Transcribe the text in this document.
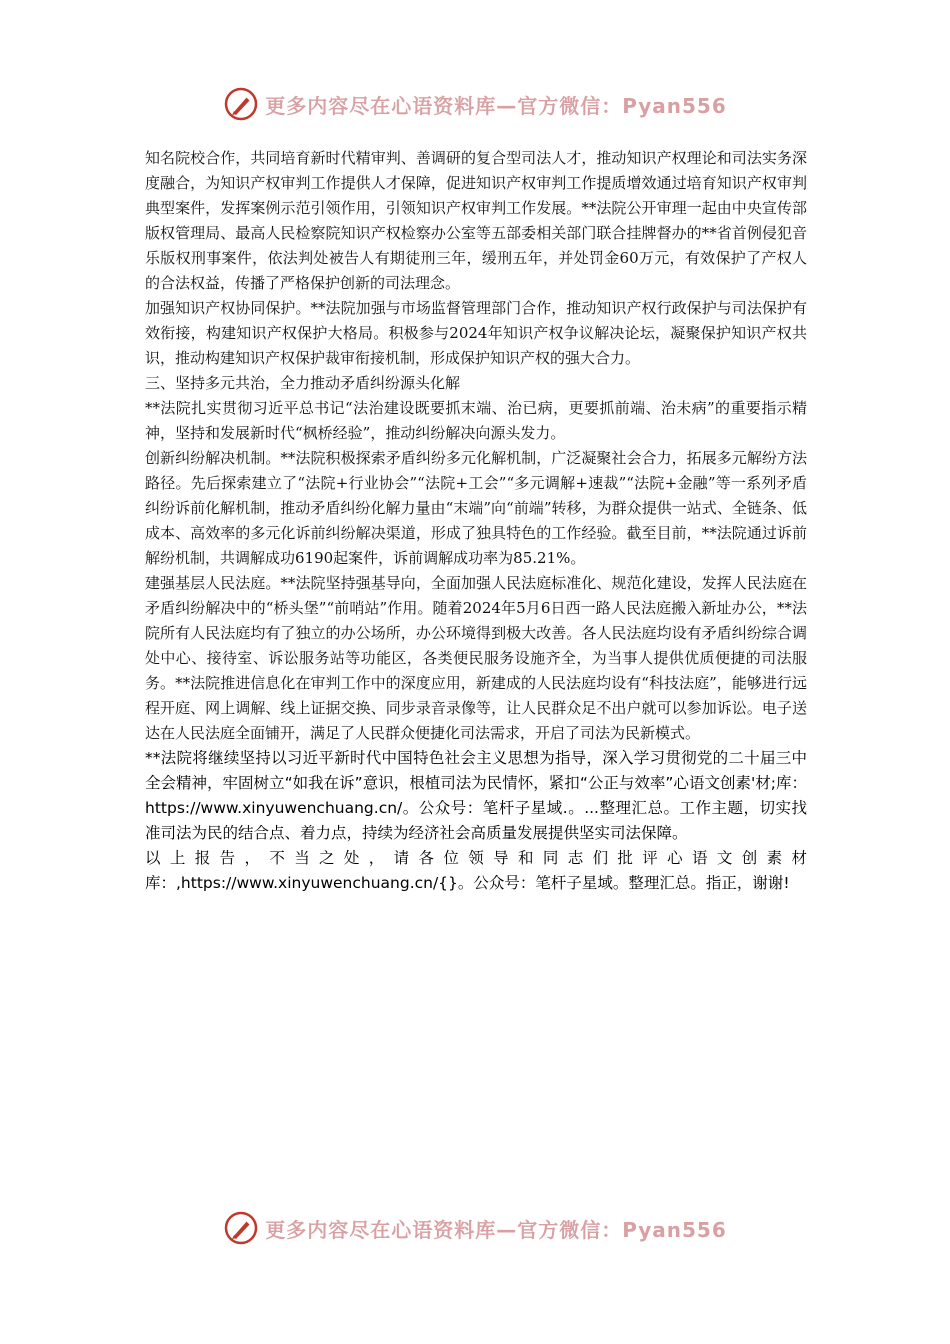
更多内容尽在心语资料库—官方微信：Pyan556

知名院校合作，共同培育新时代精审判、善调研的复合型司法人才，推动知识产权理论和司法实务深度融合，为知识产权审判工作提供人才保障，促进知识产权审判工作提质增效通过培育知识产权审判典型案件，发挥案例示范引领作用，引领知识产权审判工作发展。**法院公开审理一起由中央宣传部版权管理局、最高人民检察院知识产权检察办公室等五部委相关部门联合挂牌督办的**省首例侵犯音乐版权刑事案件，依法判处被告人有期徒刑三年，缓刑五年，并处罚金60万元，有效保护了产权人的合法权益，传播了严格保护创新的司法理念。

加强知识产权协同保护。**法院加强与市场监督管理部门合作，推动知识产权行政保护与司法保护有效衔接，构建知识产权保护大格局。积极参与2024年知识产权争议解决论坛，凝聚保护知识产权共识，推动构建知识产权保护裁审衔接机制，形成保护知识产权的强大合力。

三、坚持多元共治，全力推动矛盾纠纷源头化解

**法院扎实贯彻习近平总书记“法治建设既要抓末端、治已病，更要抓前端、治未病”的重要指示精神，坚持和发展新时代“枫桥经验”，推动纠纷解决向源头发力。

创新纠纷解决机制。**法院积极探索矛盾纠纷多元化解机制，广泛凝聚社会合力，拓展多元解纷方法路径。先后探索建立了“法院+行业协会”“法院+工会”“多元调解+速裁”“法院+金融”等一系列矛盾纠纷诉前化解机制，推动矛盾纠纷化解力量由“末端”向“前端”转移，为群众提供一站式、全链条、低成本、高效率的多元化诉前纠纷解决渠道，形成了独具特色的工作经验。截至目前，**法院通过诉前解纷机制，共调解成功6190起案件，诉前调解成功率为85.21%。

建强基层人民法庭。**法院坚持强基导向，全面加强人民法庭标准化、规范化建设，发挥人民法庭在矛盾纠纷解决中的“桥头堡”“前哨站”作用。随着2024年5月6日西一路人民法庭搬入新址办公，**法院所有人民法庭均有了独立的办公场所，办公环境得到极大改善。各人民法庭均设有矛盾纠纷综合调处中心、接待室、诉讼服务站等功能区，各类便民服务设施齐全，为当事人提供优质便捷的司法服务。**法院推进信息化在审判工作中的深度应用，新建成的人民法庭均设有“科技法庭”，能够进行远程开庭、网上调解、线上证据交换、同步录音录像等，让人民群众足不出户就可以参加诉讼。电子送达在人民法庭全面铺开，满足了人民群众便捷化司法需求，开启了司法为民新模式。

**法院将继续坚持以习近平新时代中国特色社会主义思想为指导，深入学习贯彻党的二十届三中全会精神，牢固树立“如我在诉”意识，根植司法为民情怀，紧扣“公正与效率”心语文创素'材;库：https://www.xinyuwenchuang.cn/。公众号：笔杆子星域.。...整理汇总。工作主题，切实找准司法为民的结合点、着力点，持续为经济社会高质量发展提供坚实司法保障。

以上报告，不当之处，请各位领导和同志们批评心语文创素材库：,https://www.xinyuwenchuang.cn/{}。公众号：笔杆子星域。整理汇总。指正，谢谢!

更多内容尽在心语资料库—官方微信：Pyan556
